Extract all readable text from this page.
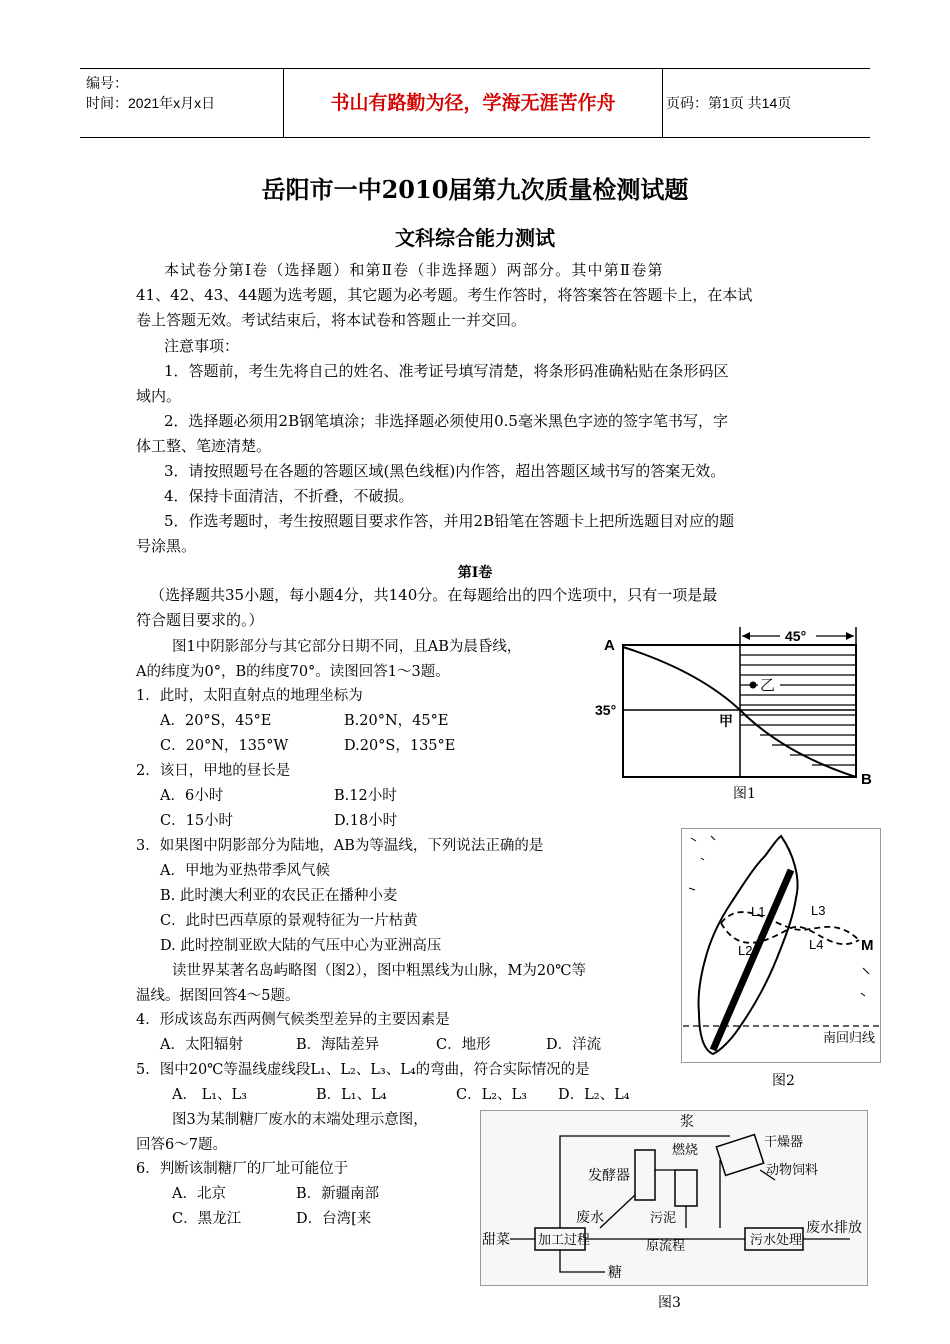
编号：
时间：2021年x月x日	书山有路勤为径，学海无涯苦作舟	页码：第1页 共14页
岳阳市一中2010届第九次质量检测试题
文科综合能力测试
本试卷分第Ⅰ卷（选择题）和第Ⅱ卷（非选择题）两部分。其中第Ⅱ卷第
41、42、43、44题为选考题，其它题为必考题。考生作答时，将答案答在答题卡上，在本试
卷上答题无效。考试结束后，将本试卷和答题止一并交回。
注意事项：
1．答题前，考生先将自己的姓名、准考证号填写清楚，将条形码准确粘贴在条形码区
域内。
2．选择题必须用2B钢笔填涂；非选择题必须使用0.5毫米黑色字迹的签字笔书写，字
体工整、笔迹清楚。
3．请按照题号在各题的答题区域(黑色线框)内作答，超出答题区域书写的答案无效。
4．保持卡面清洁，不折叠，不破损。
5．作选考题时，考生按照题目要求作答，并用2B铅笔在答题卡上把所选题目对应的题
号涂黑。
第Ⅰ卷
（选择题共35小题，每小题4分，共140分。在每题给出的四个选项中，只有一项是最
符合题目要求的。）
图1中阴影部分与其它部分日期不同，且AB为晨昏线，
A的纬度为0°，B的纬度70°。读图回答1～3题。
1．此时，太阳直射点的地理坐标为
A．20°S，45°E	B.20°N，45°E
C．20°N，135°W	D.20°S，135°E
2．该日，甲地的昼长是
A．6小时	B.12小时
C．15小时	D.18小时
3．如果图中阴影部分为陆地，AB为等温线，下列说法正确的是
A．甲地为亚热带季风气候
B. 此时澳大利亚的农民正在播种小麦
C．此时巴西草原的景观特征为一片枯黄
D. 此时控制亚欧大陆的气压中心为亚洲高压
读世界某著名岛屿略图（图2），图中粗黑线为山脉，M为20℃等
温线。据图回答4～5题。
4．形成该岛东西两侧气候类型差异的主要因素是
A．太阳辐射	B．海陆差异	C．地形	D．洋流
5．图中20℃等温线虚线段L₁、L₂、L₃、L₄的弯曲，符合实际情况的是
A． L₁、L₃	B．L₁、L₄	C．L₂、L₃ D．L₂、L₄
图3为某制糖厂废水的末端处理示意图，
回答6～7题。
6．判断该制糖厂的厂址可能位于
A．北京	B．新疆南部
C．黑龙江	D．台湾[来
A
B
35°
45°
甲
乙
图1
L1
L2
L3
L4	M
南回归线
图2
甜菜 加工过程
糖
废水
发酵器
浆
燃烧
干燥器
动物饲料
污泥
原流程	污水处理
废水排放
图3
